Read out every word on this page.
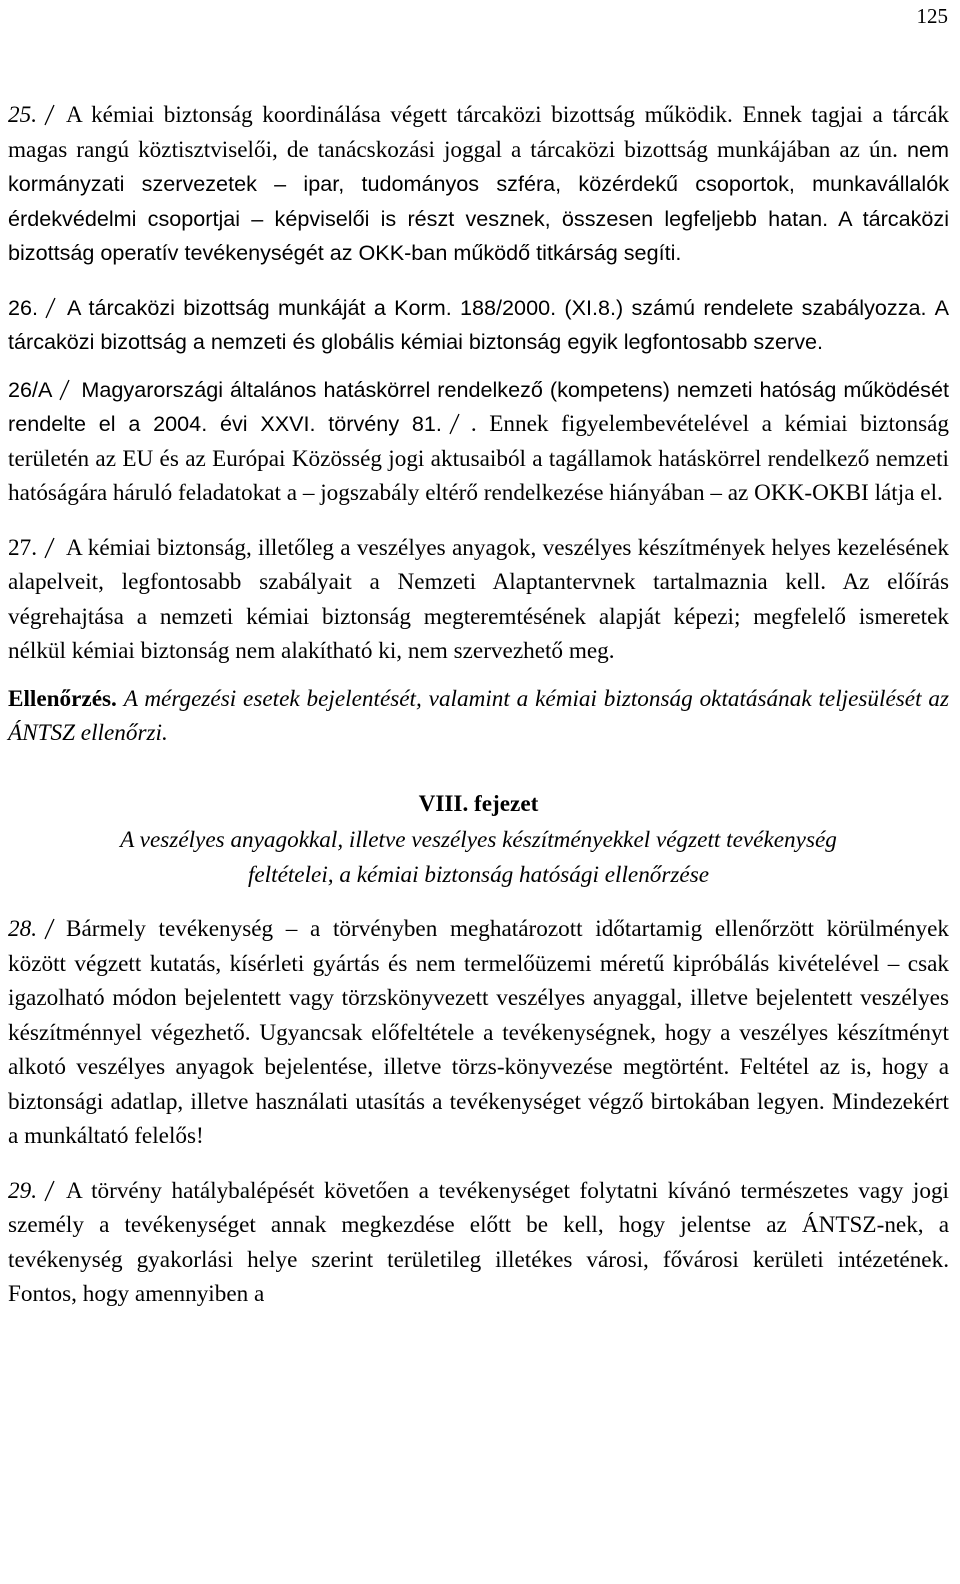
125

25. A kémiai biztonság koordinálása végett tárcaközi bizottság működik. Ennek tagjai a tárcák magas rangú köztisztviselői, de tanácskozási joggal a tárcaközi bizottság munkájában az ún. nem kormányzati szervezetek – ipar, tudományos szféra, közérdekű csoportok, munkavállalók érdekvédelmi csoportjai – képviselői is részt vesznek, összesen legfeljebb hatan. A tárcaközi bizottság operatív tevékenységét az OKK-ban működő titkárság segíti.

26. A tárcaközi bizottság munkáját a Korm. 188/2000. (XI.8.) számú rendelete szabályozza. A tárcaközi bizottság a nemzeti és globális kémiai biztonság egyik legfontosabb szerve.

26/A Magyarországi általános hatáskörrel rendelkező (kompetens) nemzeti hatóság működését rendelte el a 2004. évi XXVI. törvény 81. . Ennek figyelembevételével a kémiai biztonság területén az EU és az Európai Közösség jogi aktusaiból a tagállamok hatáskörrel rendelkező nemzeti hatóságára háruló feladatokat a – jogszabály eltérő rendelkezése hiányában – az OKK-OKBI látja el.

27. A kémiai biztonság, illetőleg a veszélyes anyagok, veszélyes készítmények helyes kezelésének alapelveit, legfontosabb szabályait a Nemzeti Alaptantervnek tartalmaznia kell. Az előírás végrehajtása a nemzeti kémiai biztonság megteremtésének alapját képezi; megfelelő ismeretek nélkül kémiai biztonság nem alakítható ki, nem szervezhető meg.

Ellenőrzés. A mérgezési esetek bejelentését, valamint a kémiai biztonság oktatásának teljesülését az ÁNTSZ ellenőrzi.

VIII. fejezet

A veszélyes anyagokkal, illetve veszélyes készítményekkel végzett tevékenység
feltételei, a kémiai biztonság hatósági ellenőrzése

28. Bármely tevékenység – a törvényben meghatározott időtartamig ellenőrzött körülmények között végzett kutatás, kísérleti gyártás és nem termelőüzemi méretű kipróbálás kivételével – csak igazolható módon bejelentett vagy törzskönyvezett veszélyes anyaggal, illetve bejelentett veszélyes készítménnyel végezhető. Ugyancsak előfeltétele a tevékenységnek, hogy a veszélyes készítményt alkotó veszélyes anyagok bejelentése, illetve törzs-könyvezése megtörtént. Feltétel az is, hogy a biztonsági adatlap, illetve használati utasítás a tevékenységet végző birtokában legyen. Mindezekért a munkáltató felelős!

29. A törvény hatálybalépését követően a tevékenységet folytatni kívánó természetes vagy jogi személy a tevékenységet annak megkezdése előtt be kell, hogy jelentse az ÁNTSZ-nek, a tevékenység gyakorlási helye szerint területileg illetékes városi, fővárosi kerületi intézetének. Fontos, hogy amennyiben a
